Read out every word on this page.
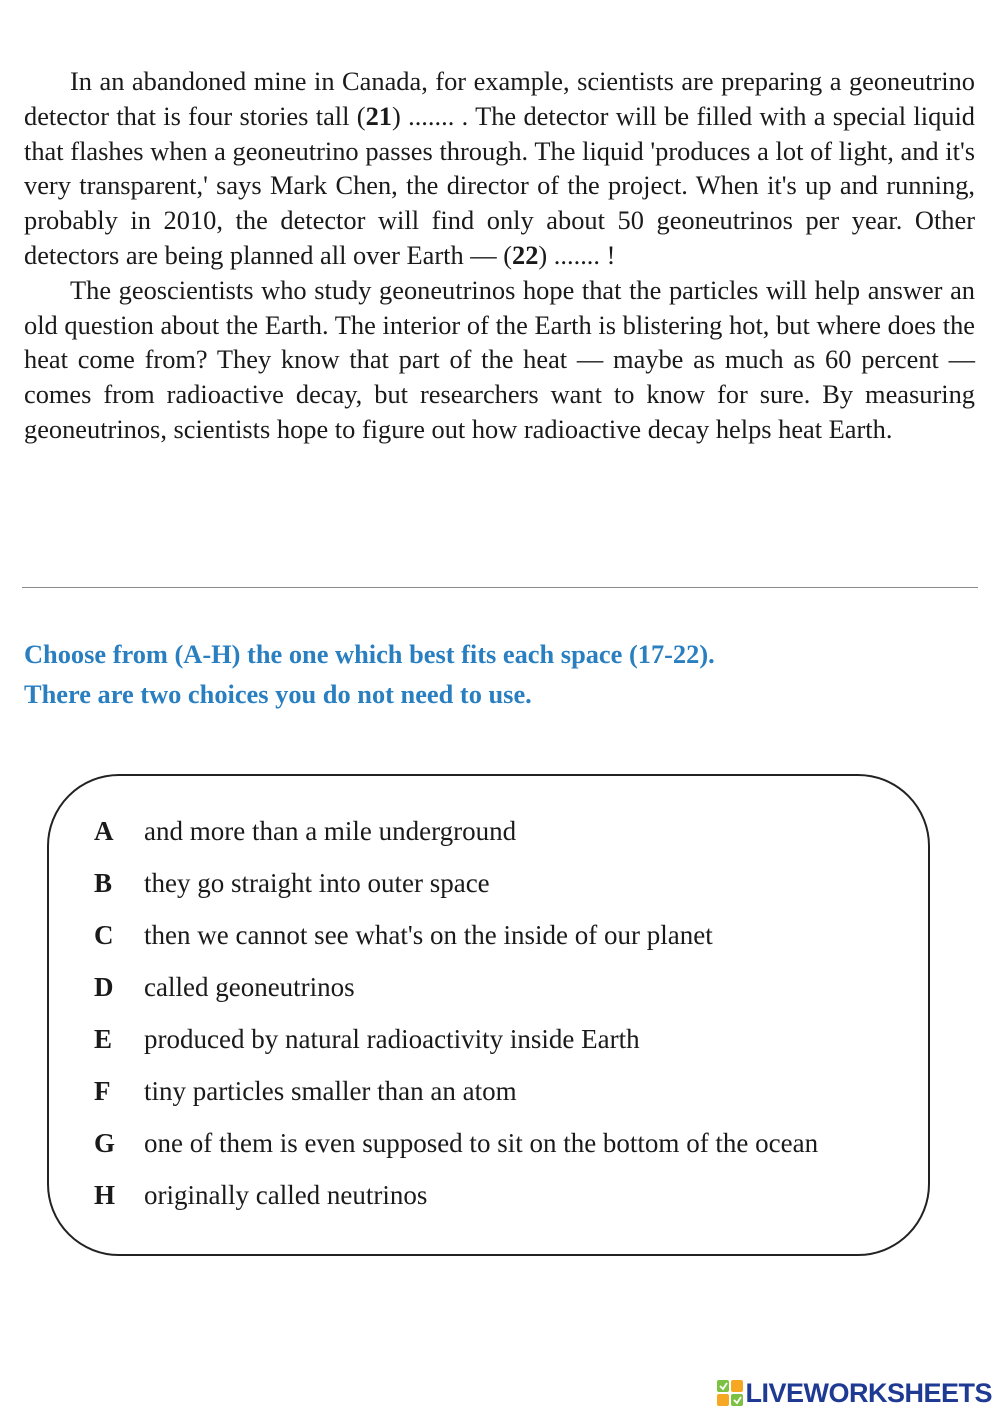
In an abandoned mine in Canada, for example, scientists are preparing a geoneutrino detector that is four stories tall (21) ....... . The detector will be filled with a special liquid that flashes when a geoneutrino passes through. The liquid 'produces a lot of light, and it's very transparent,' says Mark Chen, the director of the project. When it's up and running, probably in 2010, the detector will find only about 50 geoneutrinos per year. Other detectors are being planned all over Earth — (22) ....... !

The geoscientists who study geoneutrinos hope that the particles will help answer an old question about the Earth. The interior of the Earth is blistering hot, but where does the heat come from? They know that part of the heat — maybe as much as 60 percent — comes from radioactive decay, but researchers want to know for sure. By measuring geoneutrinos, scientists hope to figure out how radioactive decay helps heat Earth.

Choose from (A-H) the one which best fits each space (17-22).
There are two choices you do not need to use.
A and more than a mile underground
B they go straight into outer space
C then we cannot see what's on the inside of our planet
D called geoneutrinos
E produced by natural radioactivity inside Earth
F tiny particles smaller than an atom
G one of them is even supposed to sit on the bottom of the ocean
H originally called neutrinos
LIVEWORKSHEETS
